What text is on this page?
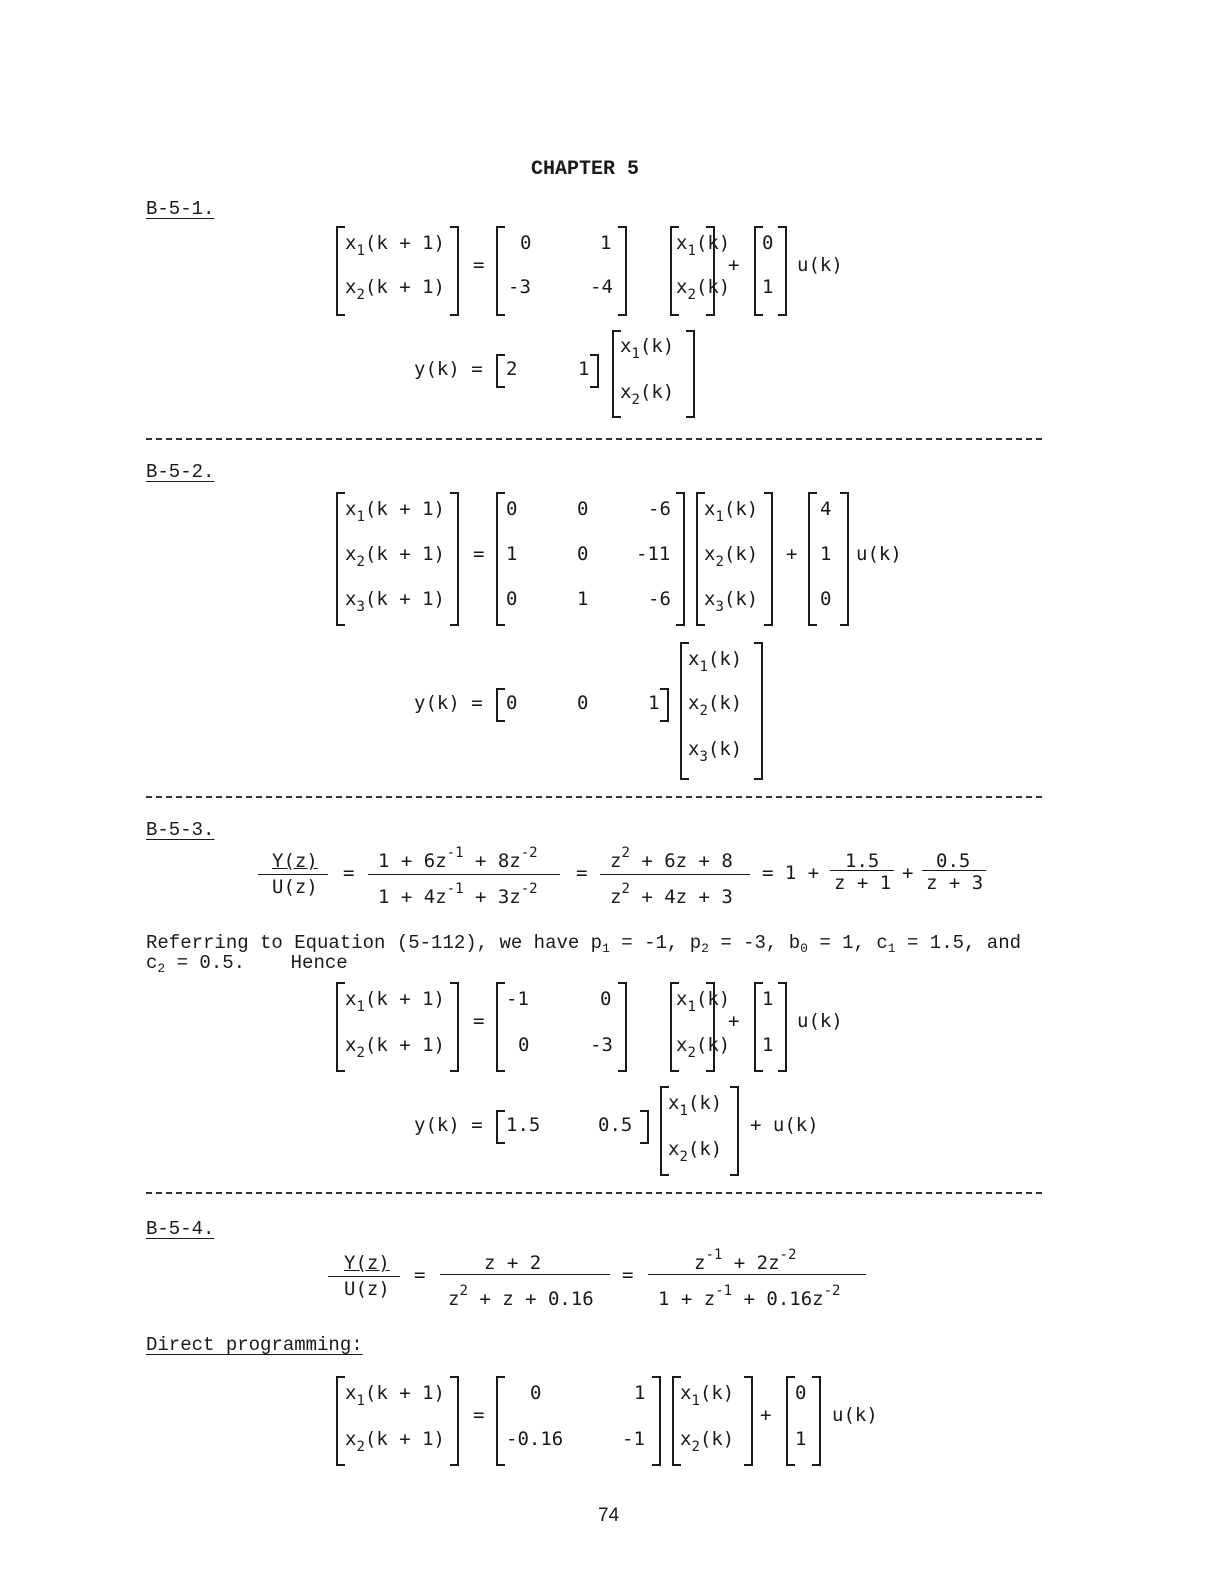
CHAPTER 5
B-5-1.
$x_1(k + 1)$
$x_2(k + 1)$
=
0	1
-3	-4
$x_1(k)$
$x_2(k)$
+
0
1
u(k)
y(k) = 2	1
$x_1(k)$
$x_2(k)$
B-5-2.
$x_1(k + 1)$
$x_2(k + 1)$
$x_3(k + 1)$
=
0	0	-6
1	0	-11
0	1	-6
$x_1(k)$
$x_2(k)$
$x_3(k)$
+
4
1
0
u(k)
y(k) = 0	0	1
$x_1(k)$
$x_2(k)$
$x_3(k)$
B-5-3.
Y(z)
U(z)
=
$1 + 6z^{-1} + 8z^{-2}$
$1 + 4z^{-1} + 3z^{-2}$
=
$z^2 + 6z + 8$
$z^2 + 4z + 3$
= 1 +
1.5
z + 1 +
0.5
z + 3
Referring to Equation (5-112), we have $p_1 = -1$, $p_2 = -3$, $b_0 = 1$, $c_1 = 1.5$, and
$c_2 = 0.5$.    Hence
$x_1(k + 1)$
$x_2(k + 1)$
=
-1	0
0	-3
$x_1(k)$
$x_2(k)$
+
1
1
u(k)
y(k) = 1.5	0.5
$x_1(k)$
$x_2(k)$
+ u(k)
B-5-4.
Y(z)
U(z)
=
z + 2
$z^2 + z + 0.16$
=
$z^{-1} + 2z^{-2}$
$1 + z^{-1} + 0.16z^{-2}$
Direct programming:
$x_1(k + 1)$
$x_2(k + 1)$
=
0	1
-0.16	-1
$x_1(k)$
$x_2(k)$
+
0
1
u(k)
74
